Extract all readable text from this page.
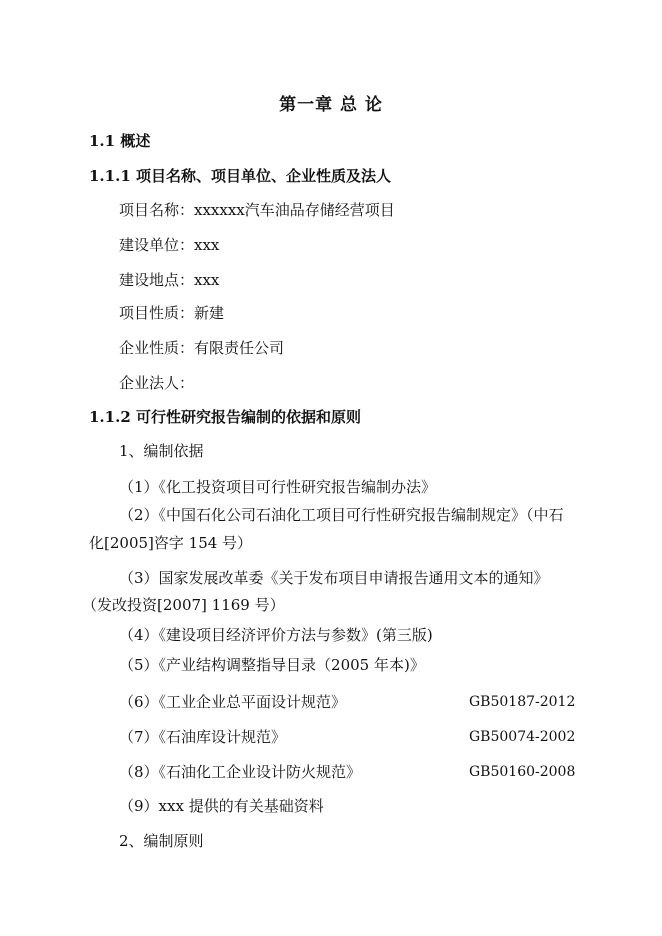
第一章 总 论
1.1 概述
1.1.1 项目名称、项目单位、企业性质及法人
项目名称：xxxxxx汽车油品存储经营项目
建设单位：xxx
建设地点：xxx
项目性质：新建
企业性质：有限责任公司
企业法人：
1.1.2 可行性研究报告编制的依据和原则
1、编制依据
（1）《化工投资项目可行性研究报告编制办法》
（2）《中国石化公司石油化工项目可行性研究报告编制规定》（中石
化[2005]咨字 154 号）
（3）国家发展改革委《关于发布项目申请报告通用文本的通知》
（发改投资[2007] 1169 号）
（4）《建设项目经济评价方法与参数》(第三版)
（5）《产业结构调整指导目录（2005 年本)》
（6）《工业企业总平面设计规范》	GB50187-2012
（7）《石油库设计规范》	GB50074-2002
（8）《石油化工企业设计防火规范》	GB50160-2008
（9）xxx 提供的有关基础资料
2、编制原则
